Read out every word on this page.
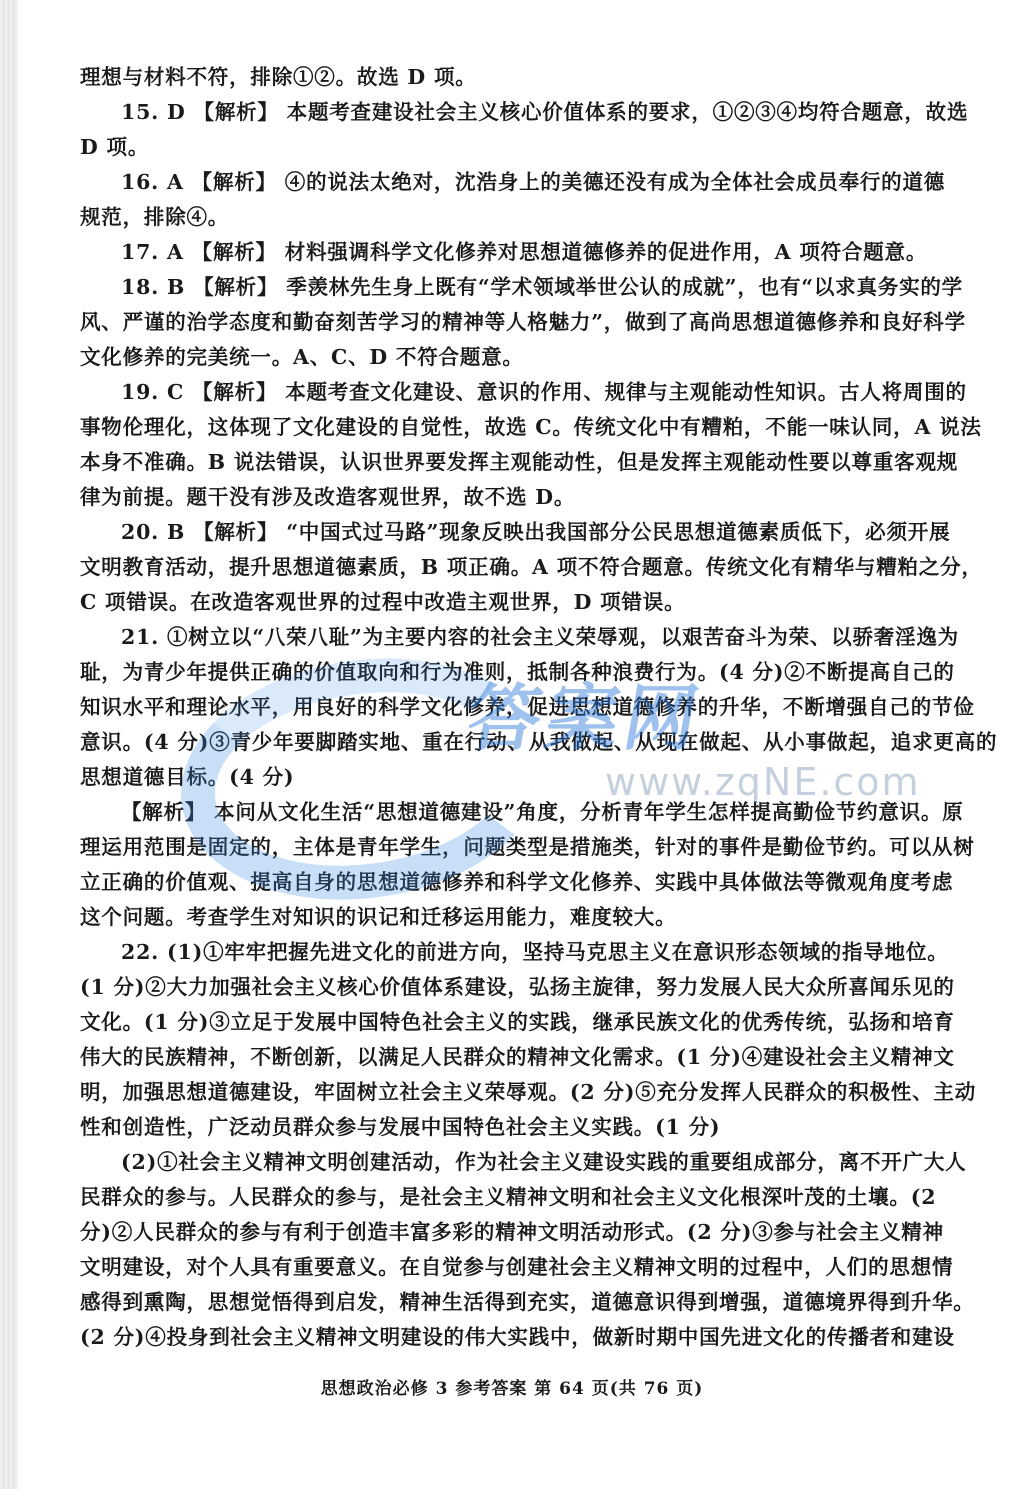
理想与材料不符，排除①②。故选 D 项。
15. D 【解析】 本题考查建设社会主义核心价值体系的要求，①②③④均符合题意，故选
D 项。
16. A 【解析】 ④的说法太绝对，沈浩身上的美德还没有成为全体社会成员奉行的道德
规范，排除④。
17. A 【解析】 材料强调科学文化修养对思想道德修养的促进作用，A 项符合题意。
18. B 【解析】 季羡林先生身上既有“学术领域举世公认的成就”，也有“以求真务实的学
风、严谨的治学态度和勤奋刻苦学习的精神等人格魅力”，做到了高尚思想道德修养和良好科学
文化修养的完美统一。A、C、D 不符合题意。
19. C 【解析】 本题考查文化建设、意识的作用、规律与主观能动性知识。古人将周围的
事物伦理化，这体现了文化建设的自觉性，故选 C。传统文化中有糟粕，不能一味认同，A 说法
本身不准确。B 说法错误，认识世界要发挥主观能动性，但是发挥主观能动性要以尊重客观规
律为前提。题干没有涉及改造客观世界，故不选 D。
20. B 【解析】 “中国式过马路”现象反映出我国部分公民思想道德素质低下，必须开展
文明教育活动，提升思想道德素质，B 项正确。A 项不符合题意。传统文化有精华与糟粕之分，
C 项错误。在改造客观世界的过程中改造主观世界，D 项错误。
21. ①树立以“八荣八耻”为主要内容的社会主义荣辱观，以艰苦奋斗为荣、以骄奢淫逸为
耻，为青少年提供正确的价值取向和行为准则，抵制各种浪费行为。(4 分)②不断提高自己的
知识水平和理论水平，用良好的科学文化修养，促进思想道德修养的升华，不断增强自己的节俭
意识。(4 分)③青少年要脚踏实地、重在行动、从我做起、从现在做起、从小事做起，追求更高的
思想道德目标。(4 分)
【解析】 本问从文化生活“思想道德建设”角度，分析青年学生怎样提高勤俭节约意识。原
理运用范围是固定的，主体是青年学生，问题类型是措施类，针对的事件是勤俭节约。可以从树
立正确的价值观、提高自身的思想道德修养和科学文化修养、实践中具体做法等微观角度考虑
这个问题。考查学生对知识的识记和迁移运用能力，难度较大。
22. (1)①牢牢把握先进文化的前进方向，坚持马克思主义在意识形态领域的指导地位。
(1 分)②大力加强社会主义核心价值体系建设，弘扬主旋律，努力发展人民大众所喜闻乐见的
文化。(1 分)③立足于发展中国特色社会主义的实践，继承民族文化的优秀传统，弘扬和培育
伟大的民族精神，不断创新，以满足人民群众的精神文化需求。(1 分)④建设社会主义精神文
明，加强思想道德建设，牢固树立社会主义荣辱观。(2 分)⑤充分发挥人民群众的积极性、主动
性和创造性，广泛动员群众参与发展中国特色社会主义实践。(1 分)
(2)①社会主义精神文明创建活动，作为社会主义建设实践的重要组成部分，离不开广大人
民群众的参与。人民群众的参与，是社会主义精神文明和社会主义文化根深叶茂的土壤。(2
分)②人民群众的参与有利于创造丰富多彩的精神文明活动形式。(2 分)③参与社会主义精神
文明建设，对个人具有重要意义。在自觉参与创建社会主义精神文明的过程中，人们的思想情
感得到熏陶，思想觉悟得到启发，精神生活得到充实，道德意识得到增强，道德境界得到升华。
(2 分)④投身到社会主义精神文明建设的伟大实践中，做新时期中国先进文化的传播者和建设
答案网
www.zqNE.com
思想政治必修 3 参考答案 第 64 页(共 76 页)
